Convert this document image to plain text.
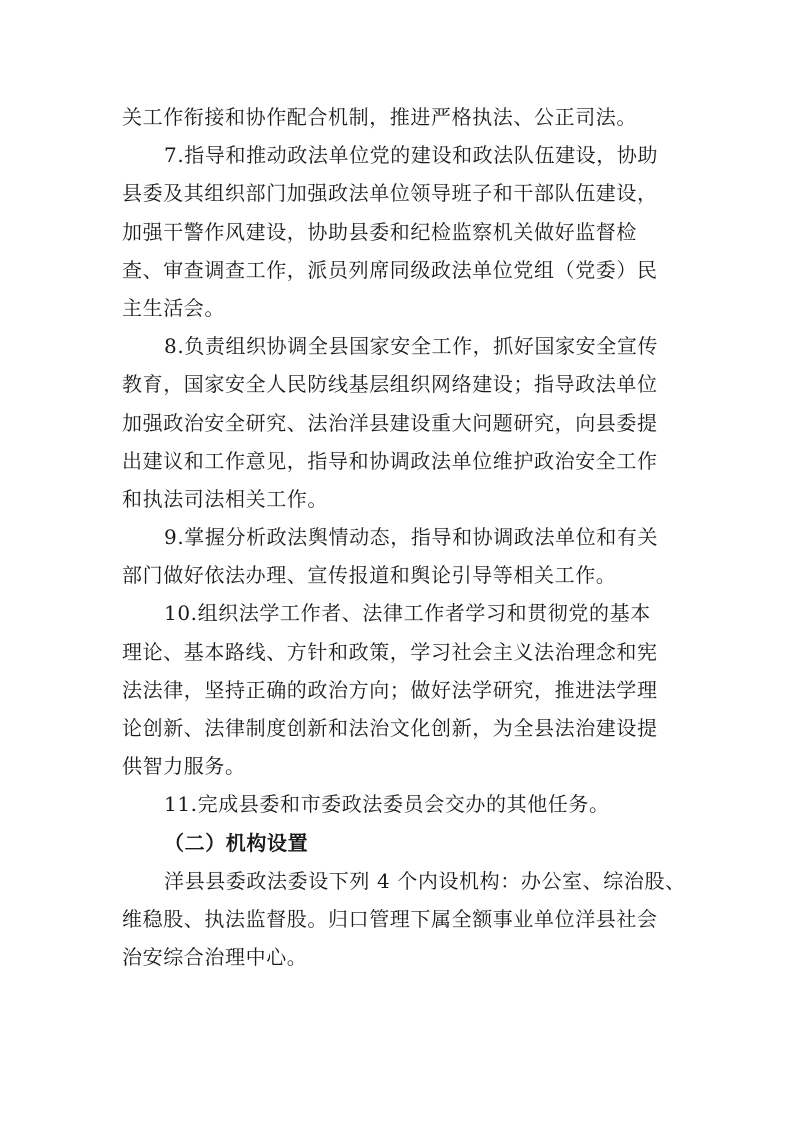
关工作衔接和协作配合机制，推进严格执法、公正司法。
7.指导和推动政法单位党的建设和政法队伍建设，协助
县委及其组织部门加强政法单位领导班子和干部队伍建设，
加强干警作风建设，协助县委和纪检监察机关做好监督检
查、审查调查工作，派员列席同级政法单位党组（党委）民
主生活会。
8.负责组织协调全县国家安全工作，抓好国家安全宣传
教育，国家安全人民防线基层组织网络建设；指导政法单位
加强政治安全研究、法治洋县建设重大问题研究，向县委提
出建议和工作意见，指导和协调政法单位维护政治安全工作
和执法司法相关工作。
9.掌握分析政法舆情动态，指导和协调政法单位和有关
部门做好依法办理、宣传报道和舆论引导等相关工作。
10.组织法学工作者、法律工作者学习和贯彻党的基本
理论、基本路线、方针和政策，学习社会主义法治理念和宪
法法律，坚持正确的政治方向；做好法学研究，推进法学理
论创新、法律制度创新和法治文化创新，为全县法治建设提
供智力服务。
11.完成县委和市委政法委员会交办的其他任务。
（二）机构设置
洋县县委政法委设下列 4 个内设机构：办公室、综治股、
维稳股、执法监督股。归口管理下属全额事业单位洋县社会
治安综合治理中心。
